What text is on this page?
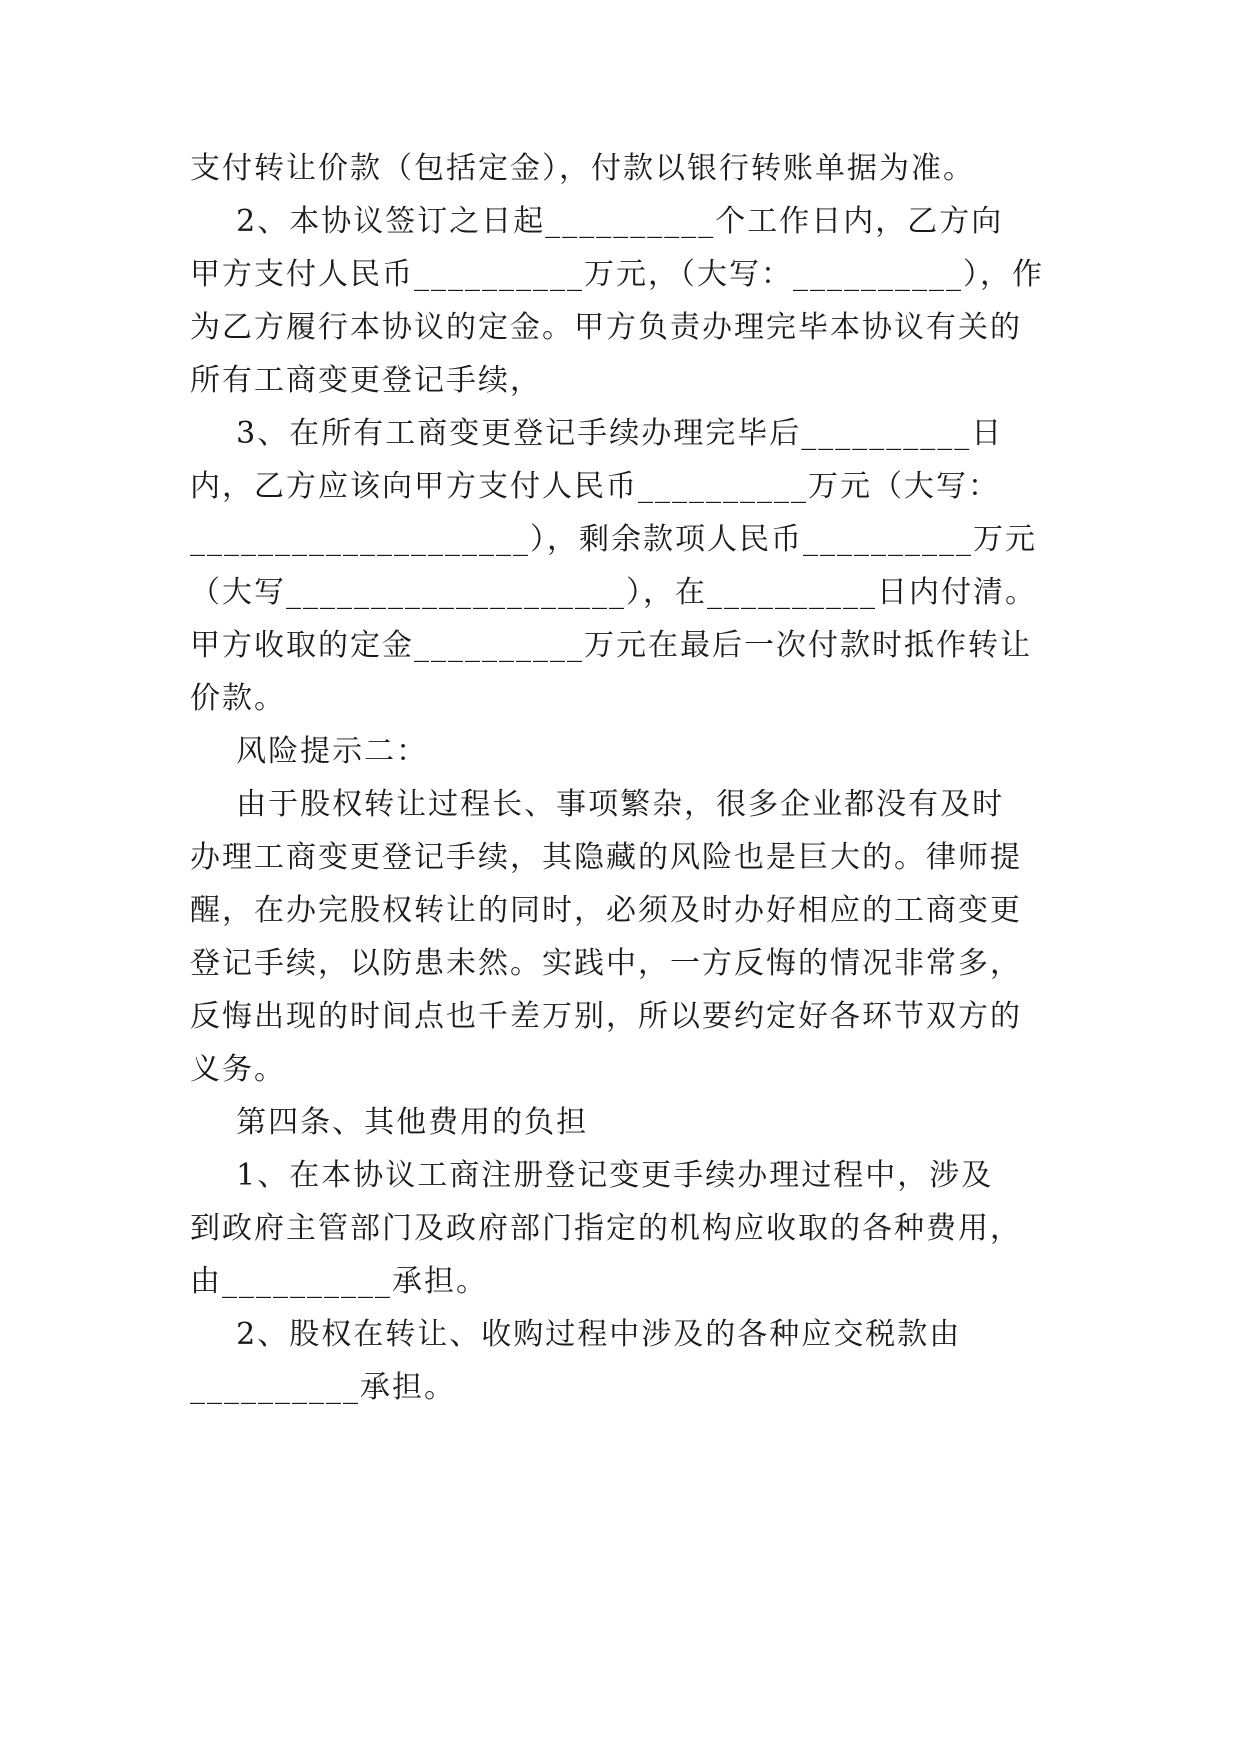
支付转让价款（包括定金），付款以银行转账单据为准。
2、本协议签订之日起__________个工作日内，乙方向
甲方支付人民币__________万元，（大写：__________），作
为乙方履行本协议的定金。甲方负责办理完毕本协议有关的
所有工商变更登记手续，
3、在所有工商变更登记手续办理完毕后__________日
内，乙方应该向甲方支付人民币__________万元（大写：
____________________），剩余款项人民币__________万元
（大写____________________），在__________日内付清。
甲方收取的定金__________万元在最后一次付款时抵作转让
价款。
风险提示二：
由于股权转让过程长、事项繁杂，很多企业都没有及时
办理工商变更登记手续，其隐藏的风险也是巨大的。律师提
醒，在办完股权转让的同时，必须及时办好相应的工商变更
登记手续，以防患未然。实践中，一方反悔的情况非常多，
反悔出现的时间点也千差万别，所以要约定好各环节双方的
义务。
第四条、其他费用的负担
1、在本协议工商注册登记变更手续办理过程中，涉及
到政府主管部门及政府部门指定的机构应收取的各种费用，
由__________承担。
2、股权在转让、收购过程中涉及的各种应交税款由
__________承担。
